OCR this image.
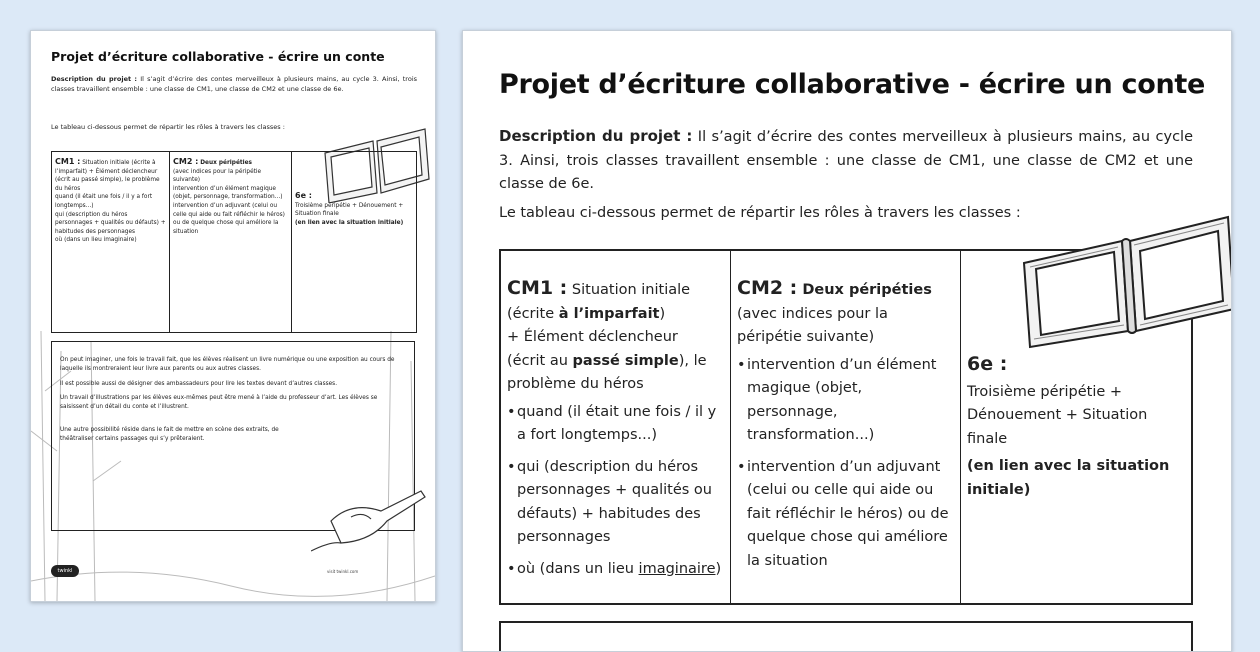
Projet d’écriture collaborative - écrire un conte
Description du projet : Il s’agit d’écrire des contes merveilleux à plusieurs mains, au cycle 3. Ainsi, trois classes travaillent ensemble : une classe de CM1, une classe de CM2 et une classe de 6e.
Le tableau ci-dessous permet de répartir les rôles à travers les classes :
CM1 : Situation initiale (écrite à l’imparfait) + Élément déclencheur (écrit au passé simple), le problème du héros
quand (il était une fois / il y a fort longtemps...)
qui (description du héros personnages + qualités ou défauts) + habitudes des personnages
où (dans un lieu imaginaire)
CM2 : Deux péripéties
(avec indices pour la péripétie suivante)
intervention d’un élément magique (objet, personnage, transformation...)
intervention d’un adjuvant (celui ou celle qui aide ou fait réfléchir le héros) ou de quelque chose qui améliore la situation
6e :
Troisième péripétie + Dénouement + Situation finale
(en lien avec la situation initiale)

On peut imaginer, une fois le travail fait, que les élèves réalisent un livre numérique ou une exposition au cours de laquelle ils montreraient leur livre aux parents ou aux autres classes.

Il est possible aussi de désigner des ambassadeurs pour lire les textes devant d’autres classes.

Un travail d’illustrations par les élèves eux-mêmes peut être mené à l’aide du professeur d’art. Les élèves se saisissent d’un détail du conte et l’illustrent.

Une autre possibilité réside dans le fait de mettre en scène des extraits, de théâtraliser certains passages qui s’y prêteraient.

twinkl	visit twinkl.com
Projet d’écriture collaborative - écrire un conte
Description du projet : Il s’agit d’écrire des contes merveilleux à plusieurs mains, au cycle 3. Ainsi, trois classes travaillent ensemble : une classe de CM1, une classe de CM2 et une classe de 6e.
Le tableau ci-dessous permet de répartir les rôles à travers les classes :
CM1 : Situation initiale
(écrite à l’imparfait)
+ Élément déclencheur
(écrit au passé simple), le problème du héros
• quand (il était une fois / il y a fort longtemps...)
• qui (description du héros personnages + qualités ou défauts) + habitudes des personnages
• où (dans un lieu imaginaire)
CM2 : Deux péripéties
(avec indices pour la péripétie suivante)
• intervention d’un élément magique (objet, personnage, transformation...)
• intervention d’un adjuvant (celui ou celle qui aide ou fait réfléchir le héros) ou de quelque chose qui améliore la situation
6e :
Troisième péripétie + Dénouement + Situation finale
(en lien avec la situation initiale)
